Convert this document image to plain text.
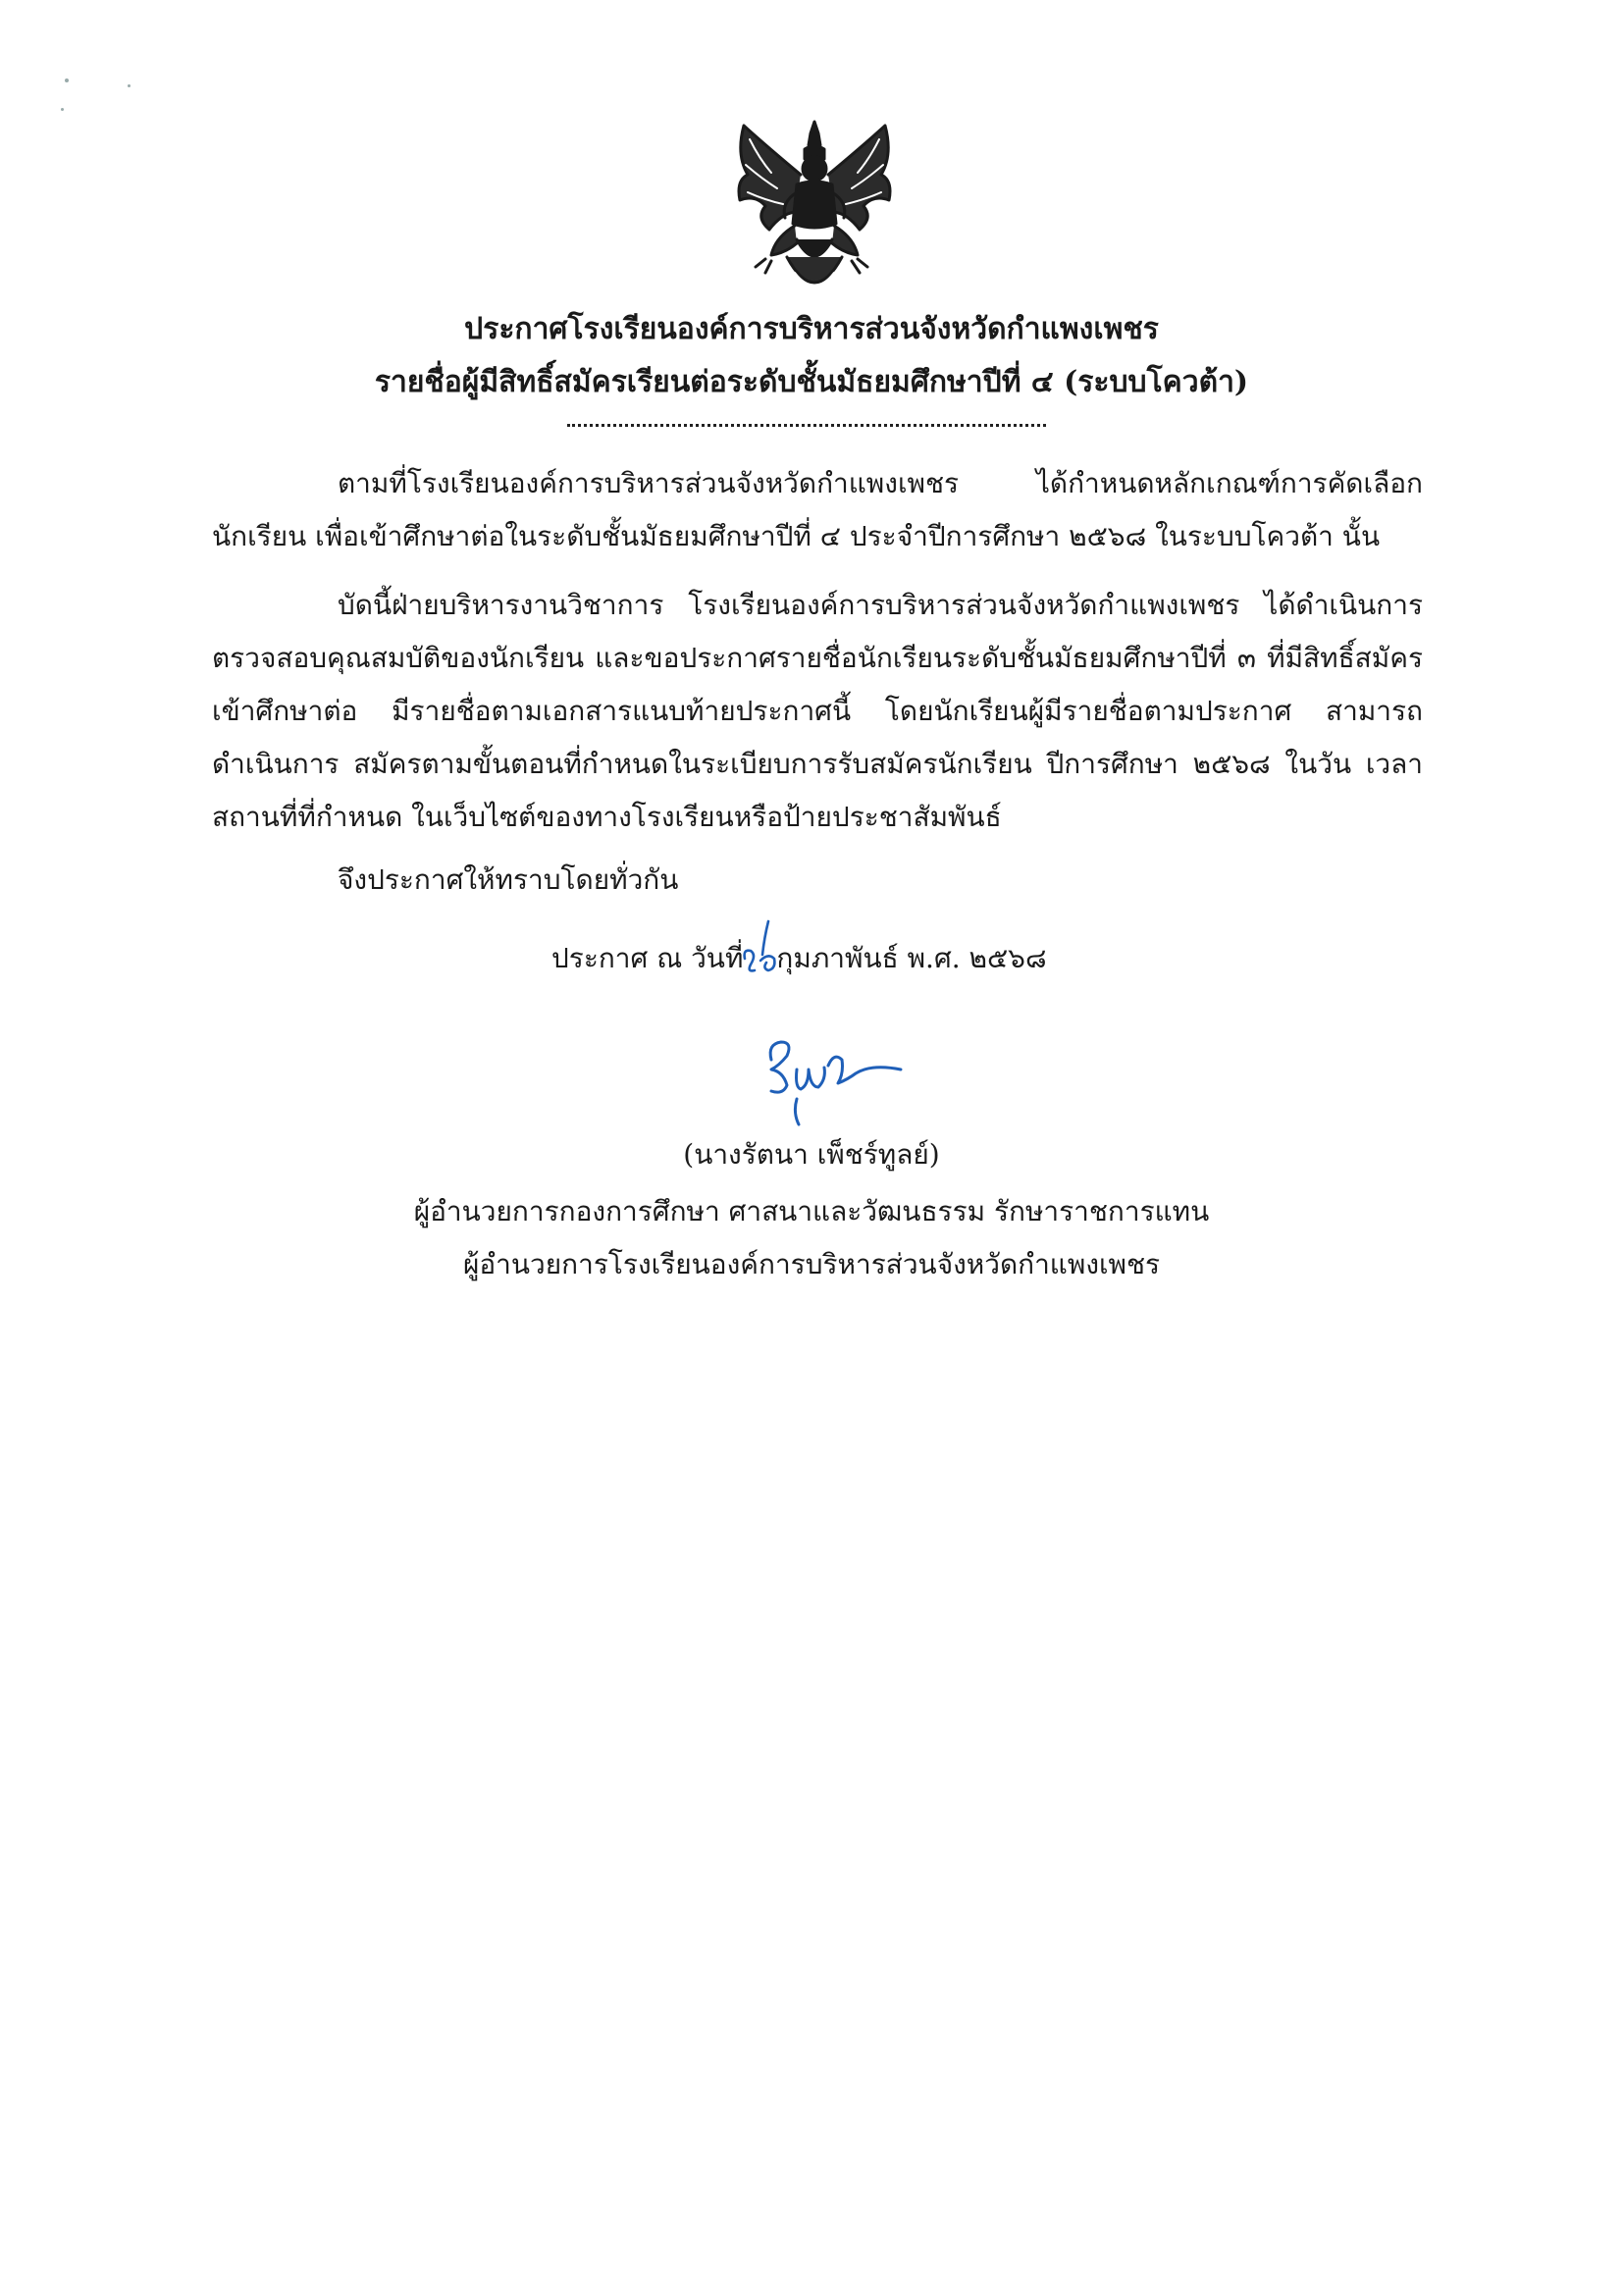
ประกาศโรงเรียนองค์การบริหารส่วนจังหวัดกำแพงเพชร
รายชื่อผู้มีสิทธิ์สมัครเรียนต่อระดับชั้นมัธยมศึกษาปีที่ ๔ (ระบบโควต้า)
ตามที่โรงเรียนองค์การบริหารส่วนจังหวัดกำแพงเพชร ได้กำหนดหลักเกณฑ์การคัดเลือกนักเรียน เพื่อเข้าศึกษาต่อในระดับชั้นมัธยมศึกษาปีที่ ๔ ประจำปีการศึกษา ๒๕๖๘ ในระบบโควต้า นั้น
บัดนี้ฝ่ายบริหารงานวิชาการ โรงเรียนองค์การบริหารส่วนจังหวัดกำแพงเพชร ได้ดำเนินการ ตรวจสอบคุณสมบัติของนักเรียน และขอประกาศรายชื่อนักเรียนระดับชั้นมัธยมศึกษาปีที่ ๓ ที่มีสิทธิ์สมัคร เข้าศึกษาต่อ มีรายชื่อตามเอกสารแนบท้ายประกาศนี้ โดยนักเรียนผู้มีรายชื่อตามประกาศ สามารถดำเนินการ สมัครตามขั้นตอนที่กำหนดในระเบียบการรับสมัครนักเรียน ปีการศึกษา ๒๕๖๘ ในวัน เวลา สถานที่ที่กำหนด ในเว็บไซต์ของทางโรงเรียนหรือป้ายประชาสัมพันธ์
จึงประกาศให้ทราบโดยทั่วกัน
ประกาศ ณ วันที่ กุมภาพันธ์ พ.ศ. ๒๕๖๘
(นางรัตนา เพ็ชร์ทูลย์)
ผู้อำนวยการกองการศึกษา ศาสนาและวัฒนธรรม รักษาราชการแทน
ผู้อำนวยการโรงเรียนองค์การบริหารส่วนจังหวัดกำแพงเพชร
